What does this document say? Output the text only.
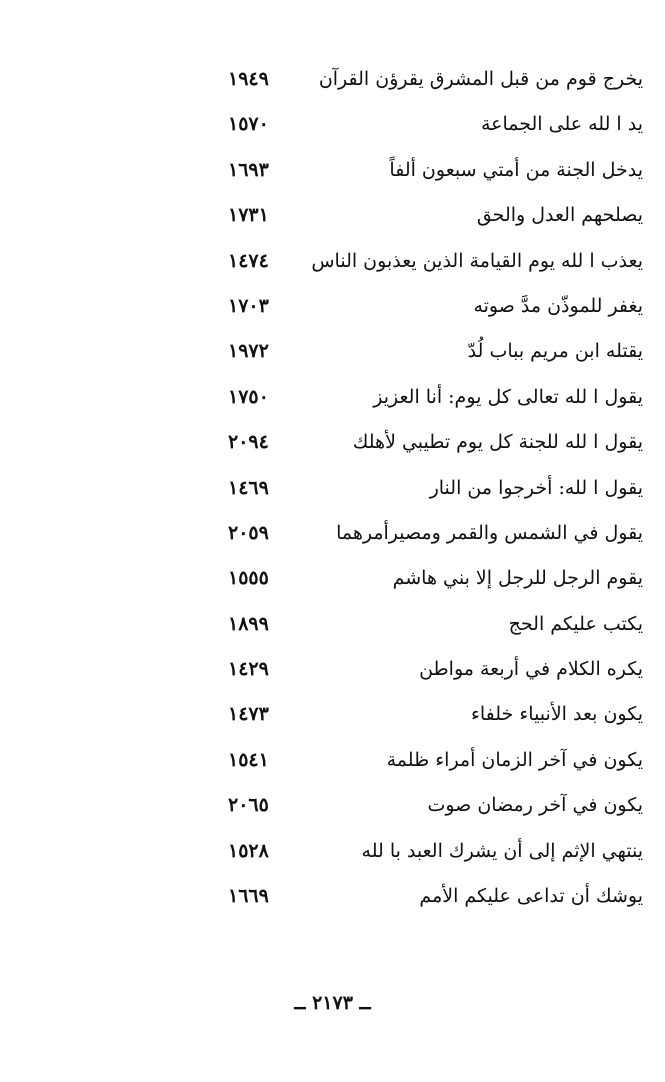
يخرج قوم من قبل المشرق يقرؤن القرآن
١٩٤٩
يد ا لله على الجماعة
١٥٧٠
يدخل الجنة من أمتي سبعون ألفاً
١٦٩٣
يصلحهم العدل والحق
١٧٣١
يعذب ا لله يوم القيامة الذين يعذبون الناس
١٤٧٤
يغفر للموذّن مدَّ صوته
١٧٠٣
يقتله ابن مريم بباب لُدّ
١٩٧٢
يقول ا لله تعالى كل يوم: أنا العزيز
١٧٥٠
يقول ا لله للجنة كل يوم تطيبي لأهلك
٢٠٩٤
يقول ا لله: أخرجوا من النار
١٤٦٩
يقول في الشمس والقمر ومصيرأمرهما
٢٠٥٩
يقوم الرجل للرجل إلا بني هاشم
١٥٥٥
يكتب عليكم الحج
١٨٩٩
يكره الكلام في أربعة مواطن
١٤٢٩
يكون بعد الأنبياء خلفاء
١٤٧٣
يكون في آخر الزمان أمراء ظلمة
١٥٤١
يكون في آخر رمضان صوت
٢٠٦٥
ينتهي الإثم إلى أن يشرك العبد با لله
١٥٢٨
يوشك أن تداعى عليكم الأمم
١٦٦٩
ــ ٢١٧٣ ــ
